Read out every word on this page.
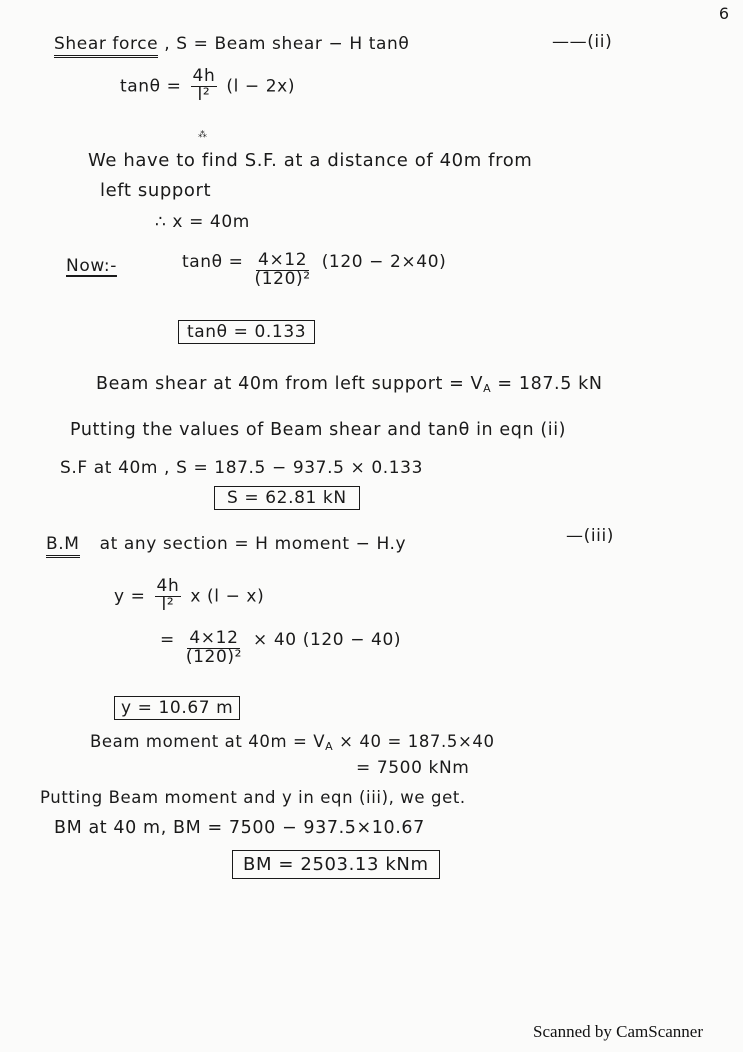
6
Shear force , S = Beam shear − H tanθ	——(ii)
$\tan\theta = \frac{4h}{\text{l²}} (l - 2x)$
⁂
We have to find S.F. at a distance of 40m from
left support
∴ x = 40m
Now:-	$\tan\theta = \frac{4\times 12}{\text{(120)²}} (120 - 2\times 40)$
tanθ = 0.133
Beam shear at 40m from left support = $V_A = 187.5$ kN
Putting the values of Beam shear and tanθ in eqn (ii)
S.F at 40m , S = 187.5 − 937.5 × 0.133
S = 62.81 kN
B.M at any section = H moment − H.y	—(iii)
$y = \frac{4h}{\text{l²}}$ x (l − x)
= $\frac{4\times 12}{\text{(120)²}} \times 40$ (120 − 40)
y = 10.67 m
Beam moment at $40m = V_A \times 40 = 187.5\times 40$
= 7500 kNm
Putting Beam moment and y in eqn (iii), we get.
BM at 40 m, BM = 7500 − 937.5×10.67
BM = 2503.13 kNm
Scanned by CamScanner
